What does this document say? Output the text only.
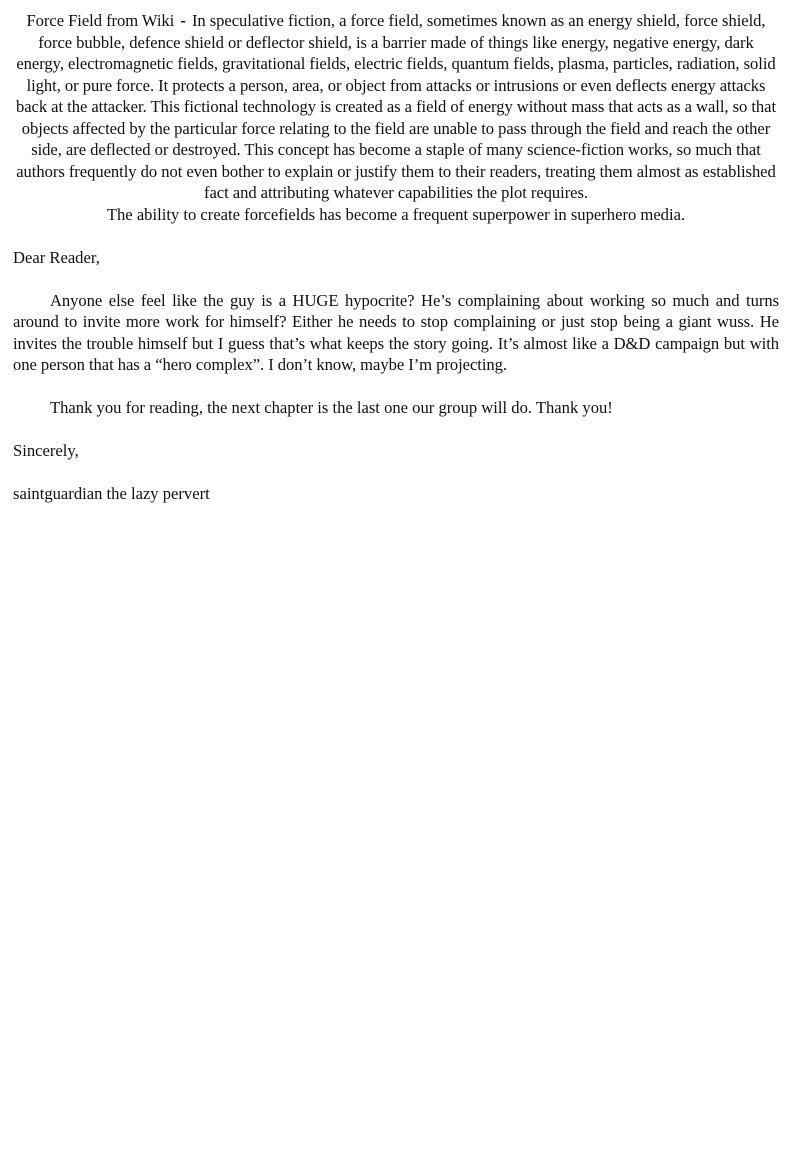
Force Field from Wiki - In speculative fiction, a force field, sometimes known as an energy shield, force shield, force bubble, defence shield or deflector shield, is a barrier made of things like energy, negative energy, dark energy, electromagnetic fields, gravitational fields, electric fields, quantum fields, plasma, particles, radiation, solid light, or pure force. It protects a person, area, or object from attacks or intrusions or even deflects energy attacks back at the attacker. This fictional technology is created as a field of energy without mass that acts as a wall, so that objects affected by the particular force relating to the field are unable to pass through the field and reach the other side, are deflected or destroyed. This concept has become a staple of many science-fiction works, so much that authors frequently do not even bother to explain or justify them to their readers, treating them almost as established fact and attributing whatever capabilities the plot requires.

The ability to create forcefields has become a frequent superpower in superhero media.

Dear Reader,

Anyone else feel like the guy is a HUGE hypocrite? He’s complaining about working so much and turns around to invite more work for himself? Either he needs to stop complaining or just stop being a giant wuss. He invites the trouble himself but I guess that’s what keeps the story going. It’s almost like a D&D campaign but with one person that has a “hero complex”. I don’t know, maybe I’m projecting.

Thank you for reading, the next chapter is the last one our group will do. Thank you!

Sincerely,

saintguardian the lazy pervert
